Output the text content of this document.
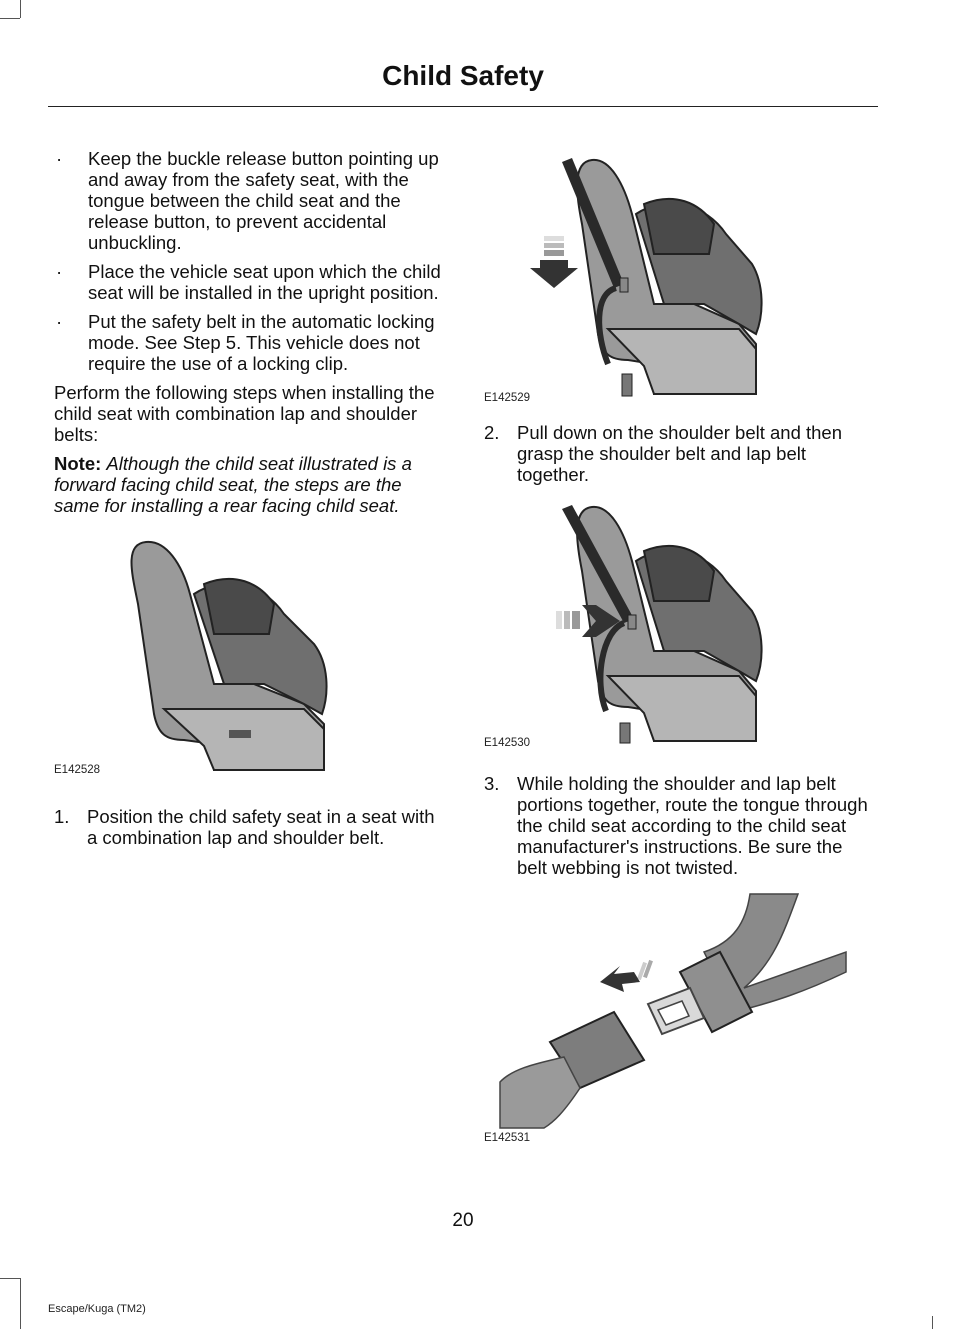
Child Safety
· Keep the buckle release button pointing up and away from the safety seat, with the tongue between the child seat and the release button, to prevent accidental unbuckling.
· Place the vehicle seat upon which the child seat will be installed in the upright position.
· Put the safety belt in the automatic locking mode. See Step 5. This vehicle does not require the use of a locking clip.

Perform the following steps when installing the child seat with combination lap and shoulder belts:

Note: Although the child seat illustrated is a forward facing child seat, the steps are the same for installing a rear facing child seat.

E142528
1. Position the child safety seat in a seat with a combination lap and shoulder belt.
E142529
2. Pull down on the shoulder belt and then grasp the shoulder belt and lap belt together.
E142530
3. While holding the shoulder and lap belt portions together, route the tongue through the child seat according to the child seat manufacturer's instructions. Be sure the belt webbing is not twisted.
E142531
20
Escape/Kuga (TM2)
